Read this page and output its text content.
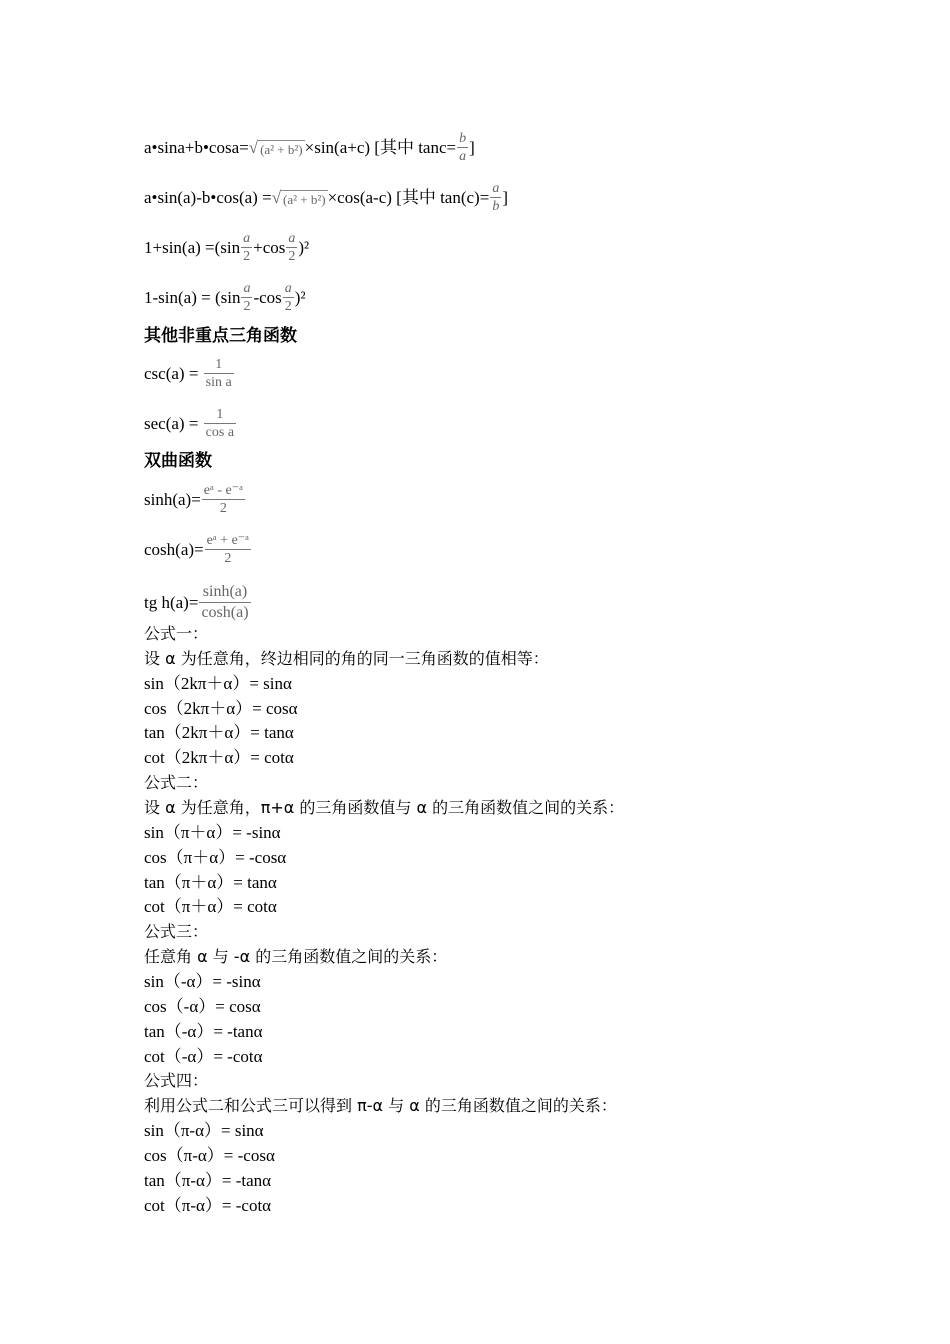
a•sina+b•cosa= √ (a² + b²) ×sin(a+c) [其中 $\tan c= \frac{b}{a}$ ]
a•sin(a)-b•cos(a) = √ (a² + b²) ×cos(a-c) [其中 $\tan(c)= \frac{a}{b}$ ]
$1+\sin(a) =(\sin \frac{a}{2} +\cos \frac{a}{2} )^2$
$1-\sin(a) = (\sin \frac{a}{2} -\cos \frac{a}{2} )^2$
其他非重点三角函数
$\csc(a) = \frac{1}{\text{sin a}}$
$\sec(a) = \frac{1}{\text{cos a}}$
双曲函数
$\sinh(a)= \frac{\text{eᵃ - e⁻ᵃ}}{2}$
$\cosh(a)= \frac{\text{eᵃ + e⁻ᵃ}}{2}$
tg $h(a)= \frac{\sinh(a)}{\cosh(a)}$
公式一：
设 α 为任意角，终边相同的角的同一三角函数的值相等：
sin（2kπ＋α）= sinα
cos（2kπ＋α）= cosα
tan（2kπ＋α）= tanα
cot（2kπ＋α）= cotα
公式二：
设 α 为任意角，π+α 的三角函数值与 α 的三角函数值之间的关系：
sin（π＋α）= -sinα
cos（π＋α）= -cosα
tan（π＋α）= tanα
cot（π＋α）= cotα
公式三：
任意角 α 与 -α 的三角函数值之间的关系：
sin（-α）= -sinα
cos（-α）= cosα
tan（-α）= -tanα
cot（-α）= -cotα
公式四：
利用公式二和公式三可以得到 π-α 与 α 的三角函数值之间的关系：
sin（π-α）= sinα
cos（π-α）= -cosα
tan（π-α）= -tanα
cot（π-α）= -cotα
